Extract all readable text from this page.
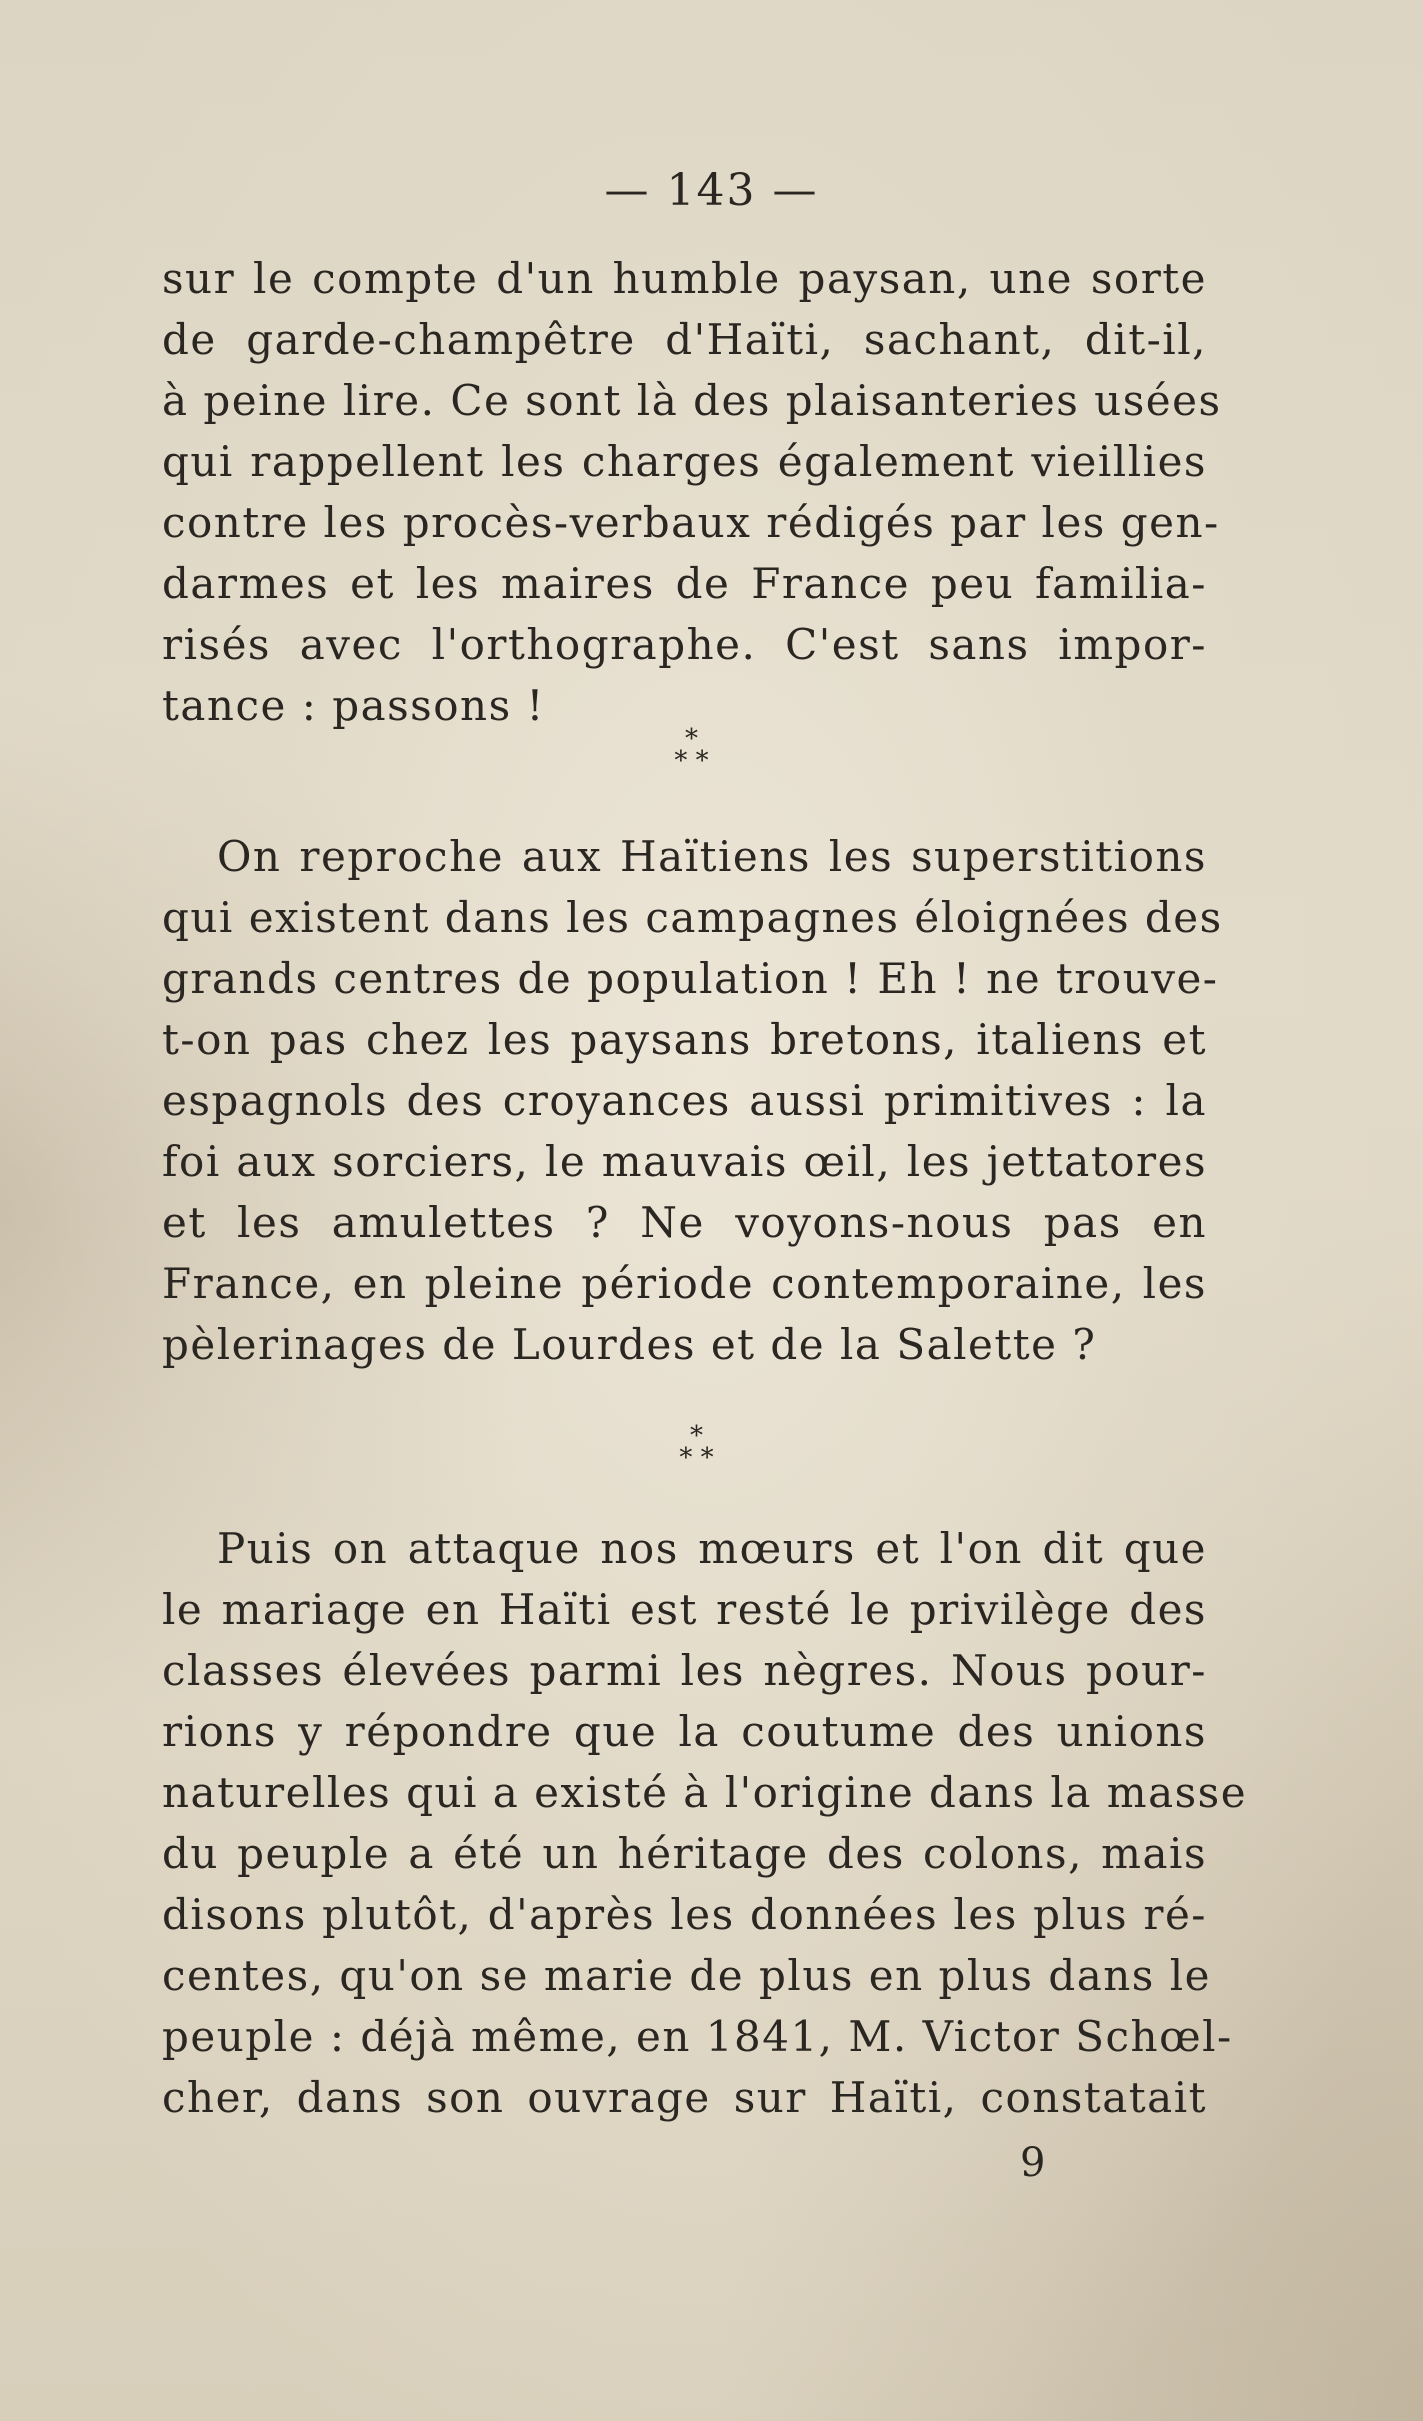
— 143 —
sur le compte d'un humble paysan, une sorte
de garde-champêtre d'Haïti, sachant, dit-il,
à peine lire. Ce sont là des plaisanteries usées
qui rappellent les charges également vieillies
contre les procès-verbaux rédigés par les gen-
darmes et les maires de France peu familia-
risés avec l'orthographe. C'est sans impor-
tance : passons !
*
* *
On reproche aux Haïtiens les superstitions
qui existent dans les campagnes éloignées des
grands centres de population ! Eh ! ne trouve-
t-on pas chez les paysans bretons, italiens et
espagnols des croyances aussi primitives : la
foi aux sorciers, le mauvais œil, les jettatores
et les amulettes ? Ne voyons-nous pas en
France, en pleine période contemporaine, les
pèlerinages de Lourdes et de la Salette ?
*
* *
Puis on attaque nos mœurs et l'on dit que
le mariage en Haïti est resté le privilège des
classes élevées parmi les nègres. Nous pour-
rions y répondre que la coutume des unions
naturelles qui a existé à l'origine dans la masse
du peuple a été un héritage des colons, mais
disons plutôt, d'après les données les plus ré-
centes, qu'on se marie de plus en plus dans le
peuple : déjà même, en 1841, M. Victor Schœl-
cher, dans son ouvrage sur Haïti, constatait
9
